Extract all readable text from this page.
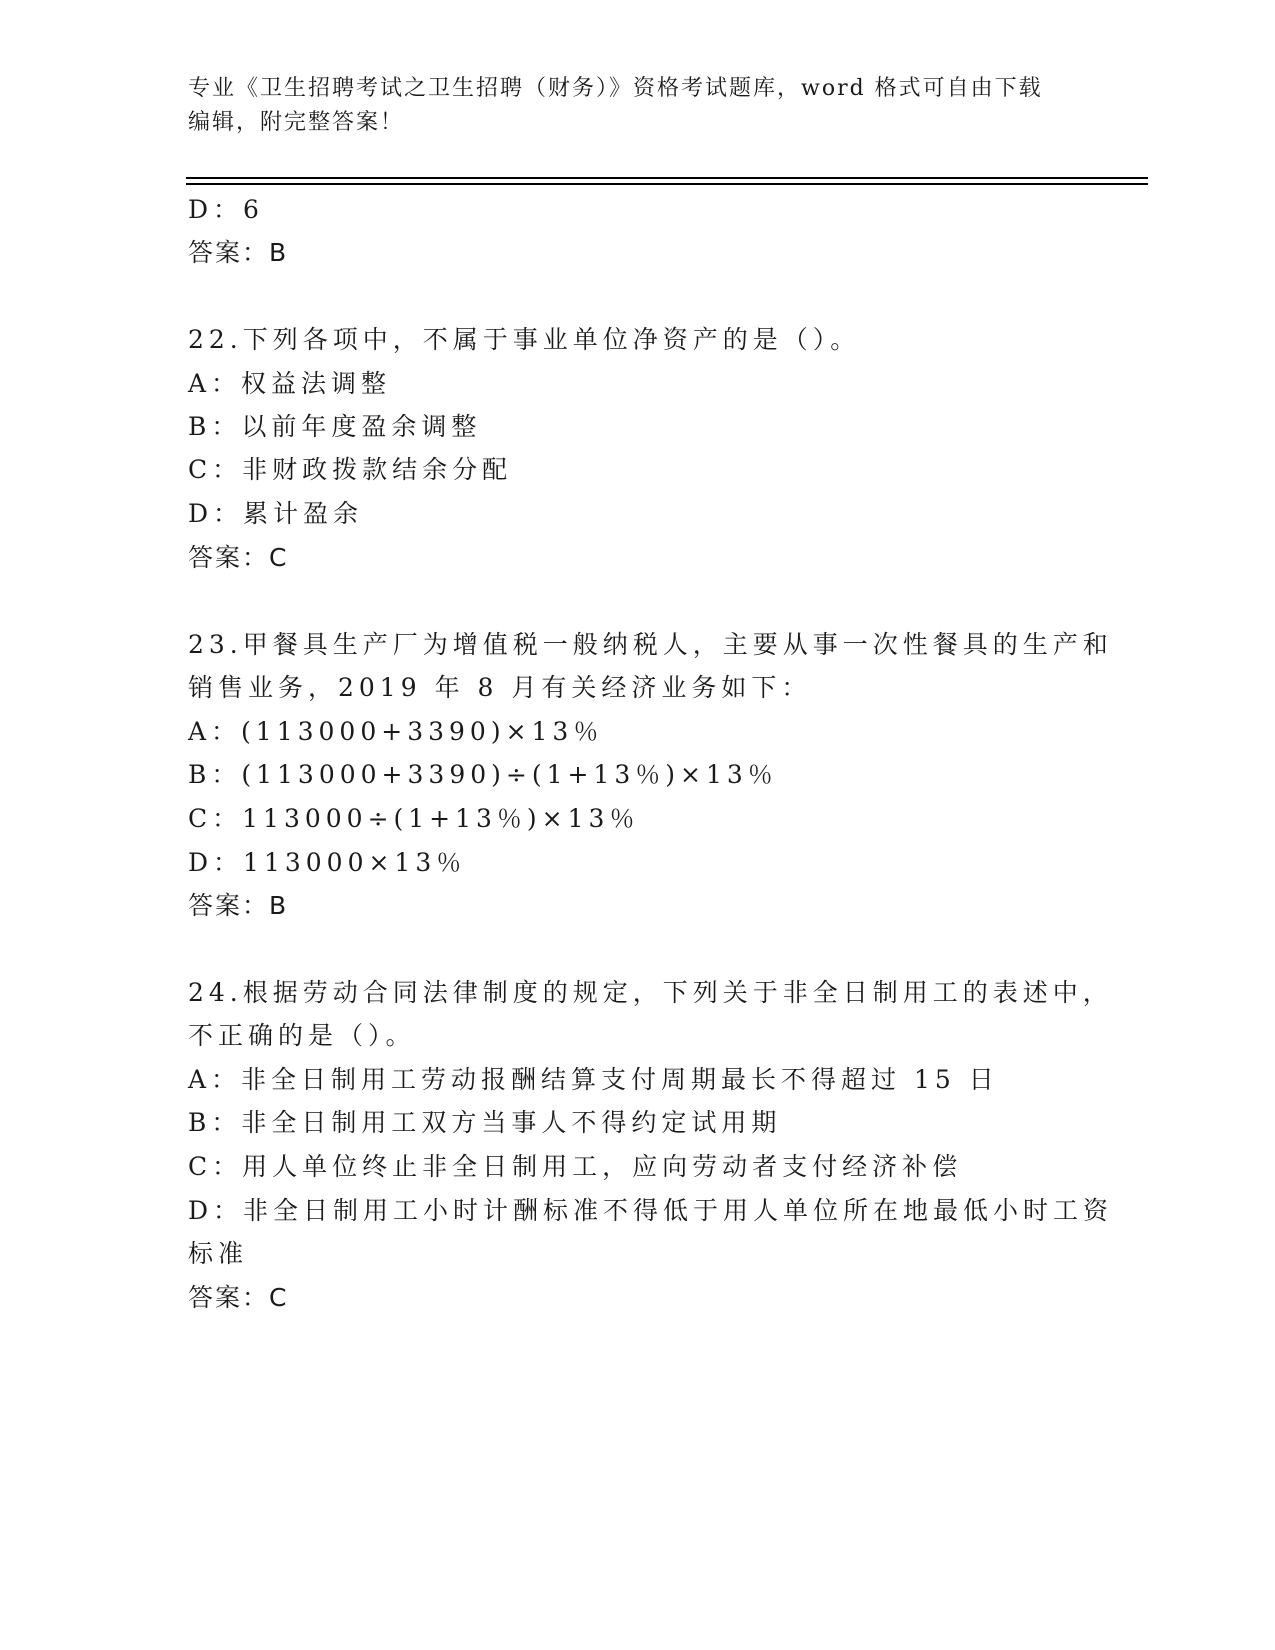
专业《卫生招聘考试之卫生招聘（财务）》资格考试题库，word 格式可自由下载
编辑，附完整答案！
D：6
答案：B
22.下列各项中，不属于事业单位净资产的是（）。
A：权益法调整
B：以前年度盈余调整
C：非财政拨款结余分配
D：累计盈余
答案：C
23.甲餐具生产厂为增值税一般纳税人，主要从事一次性餐具的生产和
销售业务，2019 年 8 月有关经济业务如下：
A：(113000+3390)×13％
B：(113000+3390)÷(1+13％)×13％
C：113000÷(1+13％)×13％
D：113000×13％
答案：B
24.根据劳动合同法律制度的规定，下列关于非全日制用工的表述中，
不正确的是（）。
A：非全日制用工劳动报酬结算支付周期最长不得超过 15 日
B：非全日制用工双方当事人不得约定试用期
C：用人单位终止非全日制用工，应向劳动者支付经济补偿
D：非全日制用工小时计酬标准不得低于用人单位所在地最低小时工资
标准
答案：C
